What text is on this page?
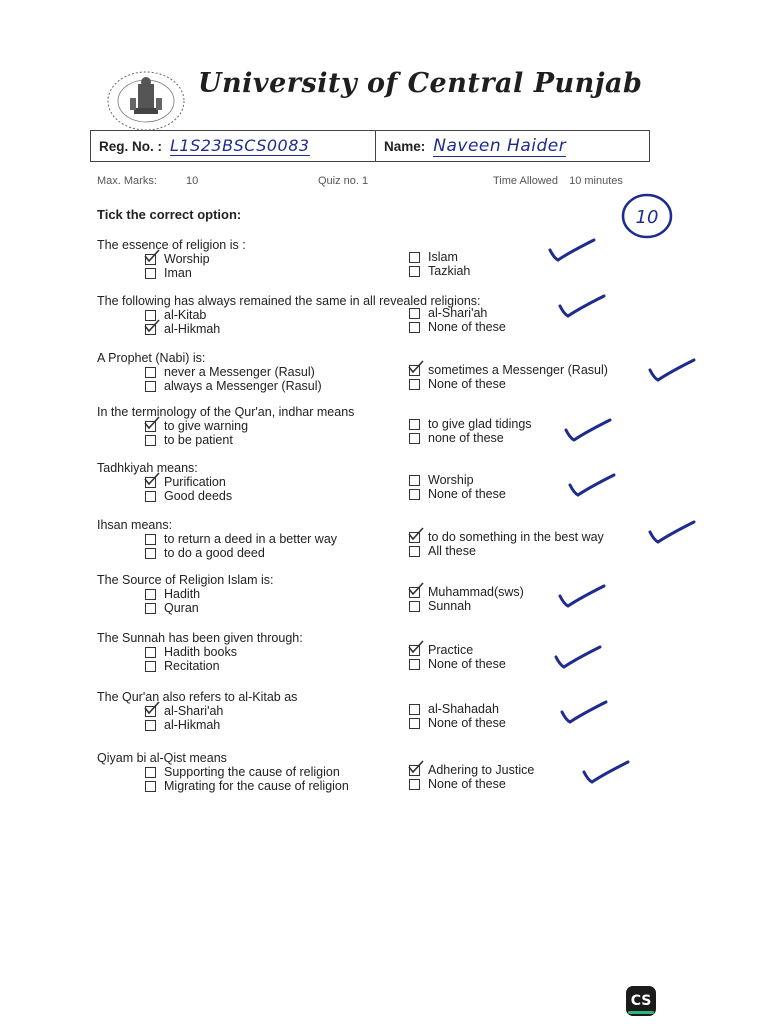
University of Central Punjab
Reg. No. : L1S23BSCS0083	Name: Naveen Haider
Max. Marks:	10	Quiz no. 1	Time Allowed 10 minutes
10
Tick the correct option:
The essence of religion is :
Worship
Iman
Islam
Tazkiah
The following has always remained the same in all revealed religions:
al-Kitab
al-Hikmah
al-Shari'ah
None of these
A Prophet (Nabi) is:
never a Messenger (Rasul)
always a Messenger (Rasul)
sometimes a Messenger (Rasul)
None of these
In the terminology of the Qur'an, indhar means
to give warning
to be patient
to give glad tidings
none of these
Tadhkiyah means:
Purification
Good deeds
Worship
None of these
Ihsan means:
to return a deed in a better way
to do a good deed
to do something in the best way
All these
The Source of Religion Islam is:
Hadith
Quran
Muhammad(sws)
Sunnah
The Sunnah has been given through:
Hadith books
Recitation
Practice
None of these
The Qur'an also refers to al-Kitab as
al-Shari'ah
al-Hikmah
al-Shahadah
None of these
Qiyam bi al-Qist means
Supporting the cause of religion
Migrating for the cause of religion
Adhering to Justice
None of these
CS
